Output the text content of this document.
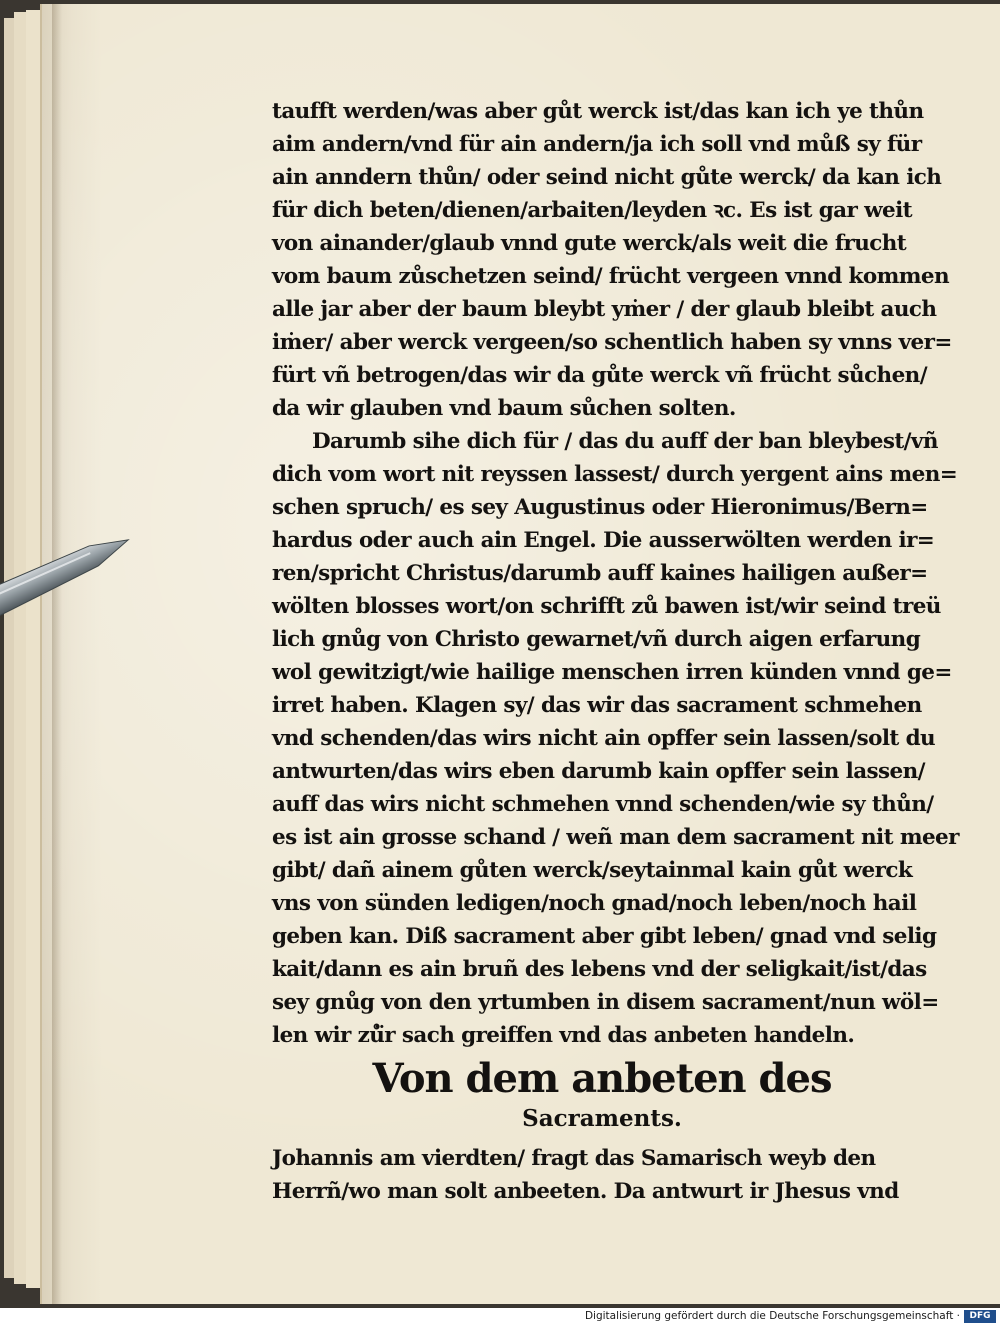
taufft werden/was aber gůt werck ist/das kan ich ye thůn
aim andern/vnd für ain andern/ja ich soll vnd můß sy für
ain anndern thůn/ oder seind nicht gůte werck/ da kan ich
für dich beten/dienen/arbaiten/leyden ꝛc. Es ist gar weit
von ainander/glaub vnnd gute werck/als weit die frucht
vom baum zůschetzen seind/ frücht vergeen vnnd kommen
alle jar aber der baum bleybt yṁer / der glaub bleibt auch
iṁer/ aber werck vergeen/so schentlich haben sy vnns ver=
fürt vñ betrogen/das wir da gůte werck vñ frücht sůchen/
da wir glauben vnd baum sůchen solten.
Darumb sihe dich für / das du auff der ban bleybest/vñ
dich vom wort nit reyssen lassest/ durch yergent ains men=
schen spruch/ es sey Augustinus oder Hieronimus/Bern=
hardus oder auch ain Engel. Die ausserwölten werden ir=
ren/spricht Christus/darumb auff kaines hailigen außer=
wölten blosses wort/on schrifft zů bawen ist/wir seind treü
lich gnůg von Christo gewarnet/vñ durch aigen erfarung
wol gewitzigt/wie hailige menschen irren künden vnnd ge=
irret haben. Klagen sy/ das wir das sacrament schmehen
vnd schenden/das wirs nicht ain opffer sein lassen/solt du
antwurten/das wirs eben darumb kain opffer sein lassen/
auff das wirs nicht schmehen vnnd schenden/wie sy thůn/
es ist ain grosse schand / weñ man dem sacrament nit meer
gibt/ dañ ainem gůten werck/seytainmal kain gůt werck
vns von sünden ledigen/noch gnad/noch leben/noch hail
geben kan. Diß sacrament aber gibt leben/ gnad vnd selig
kait/dann es ain bruñ des lebens vnd der seligkait/ist/das
sey gnůg von den yrtumben in disem sacrament/nun wöl=
len wir zů̈r sach greiffen vnd das anbeten handeln.
Von dem anbeten des
Sacraments.
Johannis am vierdten/ fragt das Samarisch weyb den
Herrñ/wo man solt anbeeten. Da antwurt ir Jhesus vnd
Digitalisierung gefördert durch die Deutsche Forschungsgemeinschaft ·	DFG
